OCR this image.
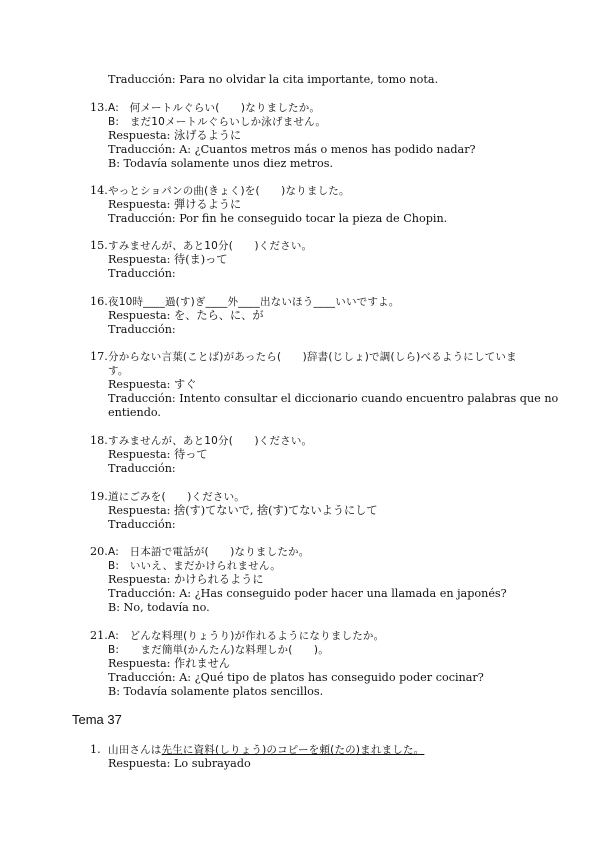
Traducción: Para no olvidar la cita importante, tomo nota.
13. A:　何メートルぐらい(　　)なりましたか。
B:　まだ10メートルぐらいしか泳げません。
Respuesta: 泳げるように
Traducción: A: ¿Cuantos metros más o menos has podido nadar?
B: Todavía solamente unos diez metros.
14. やっとショパンの曲(きょく)を(　　)なりました。
Respuesta: 弾けるように
Traducción: Por fin he conseguido tocar la pieza de Chopin.
15. すみませんが、あと10分(　　)ください。
Respuesta: 待(ま)って
Traducción:
16. 夜10時____過(す)ぎ____外____出ないほう____いいですよ。
Respuesta: を、たら、に、が
Traducción:
17. 分からない言葉(ことば)があったら(　　)辞書(じしょ)で調(しら)べるようにしていま
す。
Respuesta: すぐ
Traducción: Intento consultar el diccionario cuando encuentro palabras que no
entiendo.
18. すみませんが、あと10分(　　)ください。
Respuesta: 待って
Traducción:
19. 道にごみを(　　)ください。
Respuesta: 捨(す)てないで, 捨(す)てないようにして
Traducción:
20. A:　日本語で電話が(　　)なりましたか。
B:　いいえ、まだかけられません。
Respuesta: かけられるように
Traducción: A: ¿Has conseguido poder hacer una llamada en japonés?
B: No, todavía no.
21. A:　どんな料理(りょうり)が作れるようになりましたか。
B:　　まだ簡単(かんたん)な料理しか(　　)。
Respuesta: 作れません
Traducción: A: ¿Qué tipo de platos has conseguido poder cocinar?
B: Todavía solamente platos sencillos.
Tema 37
1. 山田さんは先生に資料(しりょう)のコピーを頼(たの)まれました。
Respuesta: Lo subrayado
